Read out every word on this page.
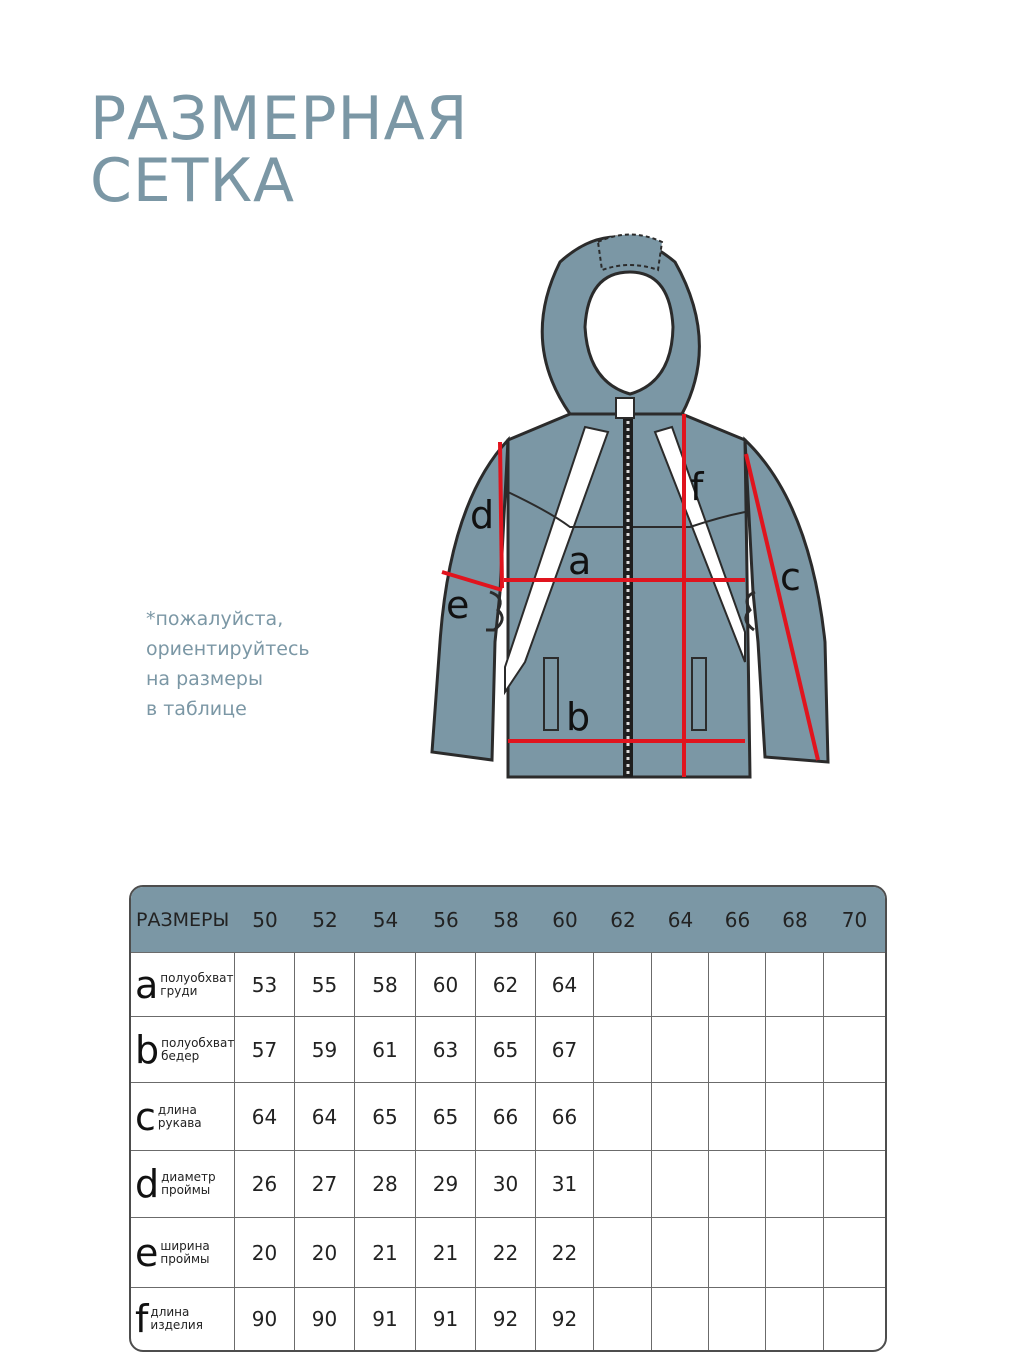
РАЗМЕРНАЯ
СЕТКА
*пожалуйста,
ориентируйтесь
на размеры
в таблице
a
b
c
d
e
f
РАЗМЕРЫ	50	52	54	56	58	60	62	64	66	68	70
a полуобхват
груди	53	55	58	60	62	64
b полуобхват
бедер	57	59	61	63	65	67
c длина
рукава	64	64	65	65	66	66
d диаметр
проймы	26	27	28	29	30	31
e ширина
проймы	20	20	21	21	22	22
f длина
изделия	90	90	91	91	92	92
